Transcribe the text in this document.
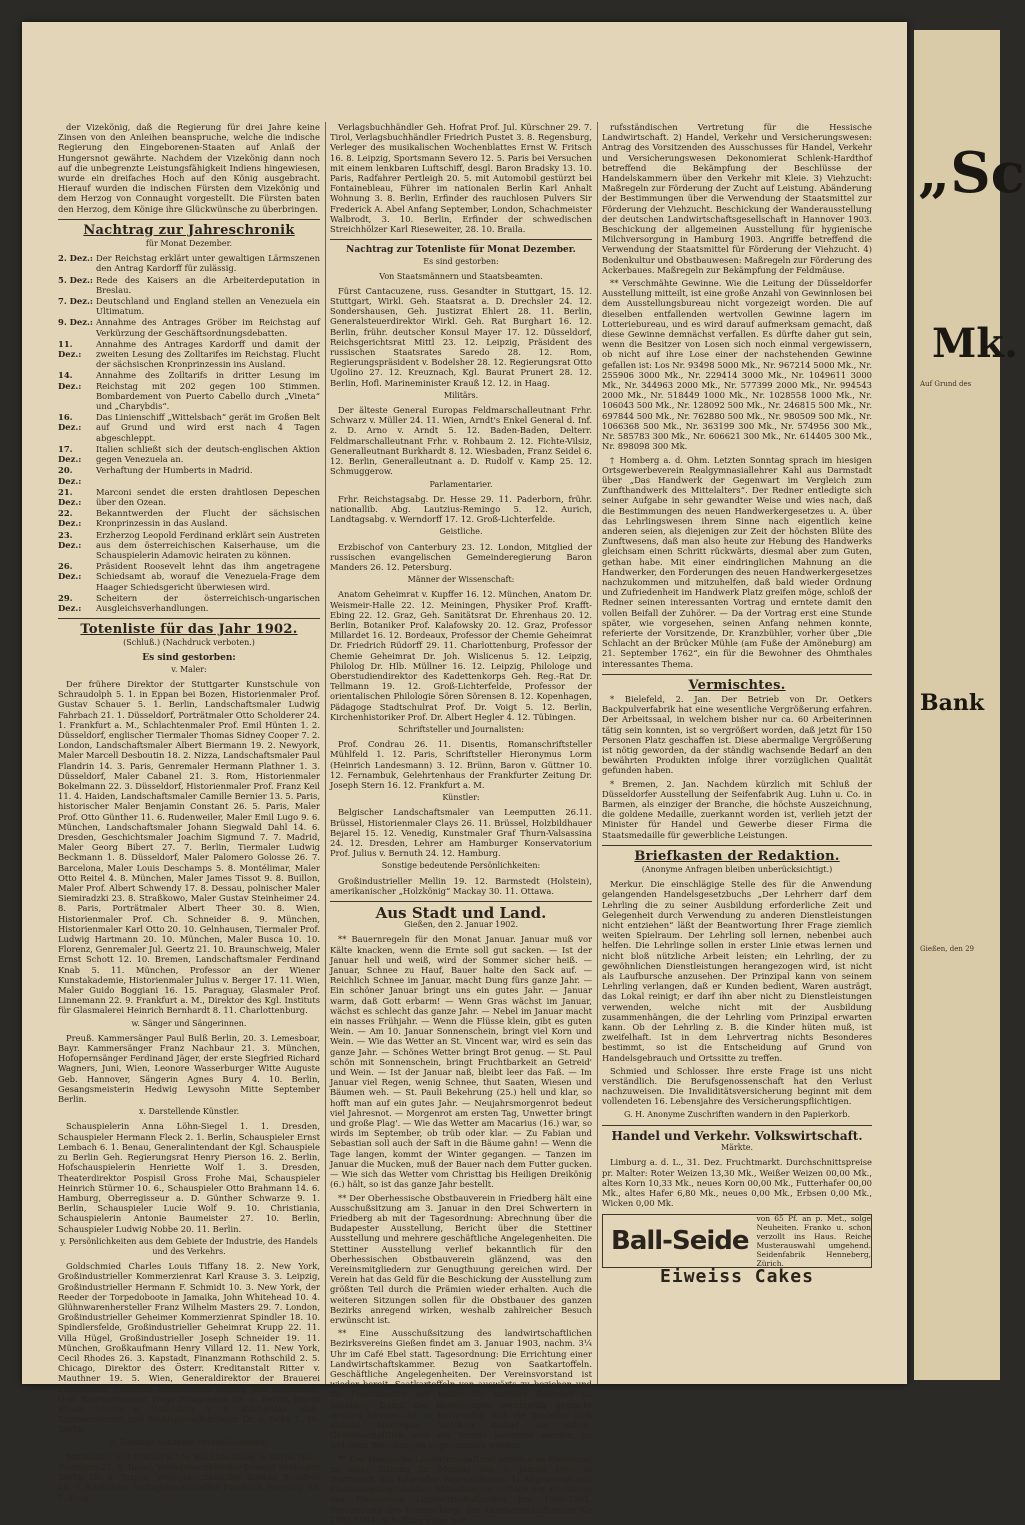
der Vizekönig, daß die Regierung für drei Jahre keine Zinsen von den Anleihen beanspruche, welche die indische Regierung den Eingeborenen-Staaten auf Anlaß der Hungersnot gewährte. Nachdem der Vizekönig dann noch auf die unbegrenzte Leistungsfähigkeit Indiens hingewiesen, wurde ein dreifaches Hoch auf den König ausgebracht. Hierauf wurden die indischen Fürsten dem Vizekönig und dem Herzog von Connaught vorgestellt. Die Fürsten baten den Herzog, dem Könige ihre Glückwünsche zu überbringen.

Nachtrag zur Jahreschronik
für Monat Dezember.
2. Dez.: Der Reichstag erklärt unter gewaltigen Lärmszenen den Antrag Kardorff für zulässig.
5. Dez.: Rede des Kaisers an die Arbeiterdeputation in Breslau.
7. Dez.: Deutschland und England stellen an Venezuela ein Ultimatum.
9. Dez.: Annahme des Antrages Gröber im Reichstag auf Verkürzung der Geschäftsordnungsdebatten.
11. Dez.:
Annahme des Antrages Kardorff und damit der zweiten Lesung des Zolltarifes im Reichstag. Flucht der sächsischen Kronprinzessin ins Ausland.
14. Dez.:
Annahme des Zolltarifs in dritter Lesung im Reichstag mit 202 gegen 100 Stimmen. Bombardement von Puerto Cabello durch „Vineta“ und „Charybdis“.
16. Dez.:
Das Linienschiff „Wittelsbach“ gerät im Großen Belt auf Grund und wird erst nach 4 Tagen abgeschleppt.
17. Dez.:
Italien schließt sich der deutsch-englischen Aktion gegen Venezuela an.
20. Dez.:
Verhaftung der Humberts in Madrid.
21. Dez.:
Marconi sendet die ersten drahtlosen Depeschen über den Ozean.
22. Dez.:
Bekanntwerden der Flucht der sächsischen Kronprinzessin in das Ausland.
23. Dez.:
Erzherzog Leopold Ferdinand erklärt sein Austreten aus dem österreichischen Kaiserhause, um die Schauspielerin Adamovic heiraten zu können.
26. Dez.:
Präsident Roosevelt lehnt das ihm angetragene Schiedsamt ab, worauf die Venezuela-Frage dem Haager Schiedsgericht überwiesen wird.
29. Dez.:
Scheitern der österreichisch-ungarischen Ausgleichsverhandlungen.
Totenliste für das Jahr 1902.
(Schluß.) (Nachdruck verboten.)
Es sind gestorben:
v. Maler:

Der frühere Direktor der Stuttgarter Kunstschule von Schraudolph 5. 1. in Eppan bei Bozen, Historienmaler Prof. Gustav Schauer 5. 1. Berlin, Landschaftsmaler Ludwig Fahrbach 21. 1. Düsseldorf, Porträtmaler Otto Scholderer 24. 1. Frankfurt a. M., Schlachtenmaler Prof. Emil Hünten 1. 2. Düsseldorf, englischer Tiermaler Thomas Sidney Cooper 7. 2. London, Landschaftsmaler Albert Biermann 19. 2. Newyork, Maler Marcell Desboutin 18. 2. Nizza, Landschaftsmaler Paul Flandrin 14. 3. Paris, Genremaler Hermann Plathner 1. 3. Düsseldorf, Maler Cabanel 21. 3. Rom, Historienmaler Bokelmann 22. 3. Düsseldorf, Historienmaler Prof. Franz Keil 11. 4. Haiden, Landschaftsmaler Camille Bernier 13. 5. Paris, historischer Maler Benjamin Constant 26. 5. Paris, Maler Prof. Otto Günther 11. 6. Rudenweiler, Maler Emil Lugo 9. 6. München, Landschaftsmaler Johann Siegwald Dahl 14. 6. Dresden, Geschichtsmaler Joachim Sigmund 7. 7. Madrid, Maler Georg Bibert 27. 7. Berlin, Tiermaler Ludwig Beckmann 1. 8. Düsseldorf, Maler Palomero Golosse 26. 7. Barcelona, Maler Louis Deschamps 5. 8. Montélimar, Maler Otto Reitel 4. 8. München, Maler James Tissot 9. 8. Buillon, Maler Prof. Albert Schwendy 17. 8. Dessau, polnischer Maler Siemiradzki 23. 8. Straßkowo, Maler Gustav Steinheimer 24. 8. Paris, Porträtmaler Albert Theer 30. 8. Wien, Historienmaler Prof. Ch. Schneider 8. 9. München, Historienmaler Karl Otto 20. 10. Gelnhausen, Tiermaler Prof. Ludwig Hartmann 20. 10. München, Maler Busca 10. 10. Florenz, Genremaler Jul. Geertz 21. 10. Braunschweig, Maler Ernst Schott 12. 10. Bremen, Landschaftsmaler Ferdinand Knab 5. 11. München, Professor an der Wiener Kunstakademie, Historienmaler Julius v. Berger 17. 11. Wien, Maler Guido Boggiani 16. 15. Paraguay, Glasmaler Prof. Linnemann 22. 9. Frankfurt a. M., Direktor des Kgl. Instituts für Glasmalerei Heinrich Bernhardt 8. 11. Charlottenburg.

w. Sänger und Sängerinnen.

Preuß. Kammersänger Paul Bulß Berlin, 20. 3. Lemesboar, Bayr. Kammersänger Franz Nachbaur 21. 3. München, Hofopernsänger Ferdinand Jäger, der erste Siegfried Richard Wagners, Juni, Wien, Leonore Wasserburger Witte Auguste Geb. Hannover, Sängerin Agnes Bury 4. 10. Berlin, Gesangsmeisterin Hedwig Lewysohn Mitte September Berlin.

x. Darstellende Künstler.

Schauspielerin Anna Löhn-Siegel 1. 1. Dresden, Schauspieler Hermann Fleck 2. 1. Berlin, Schauspieler Ernst Lembach 6. 1. Benau, Generalintendant der Kgl. Schauspiele zu Berlin Geh. Regierungsrat Henry Pierson 16. 2. Berlin, Hofschauspielerin Henriette Wolf 1. 3. Dresden, Theaterdirektor Pospisil Gross Frohe Mai, Schauspieler Heinrich Stürmer 10. 6., Schauspieler Otto Brahmann 14. 6. Hamburg, Oberregisseur a. D. Günther Schwarze 9. 1. Berlin, Schauspieler Lucie Wolf 9. 10. Christiania, Schauspielerin Antonie Baumeister 27. 10. Berlin, Schauspieler Ludwig Nobbe 20. 11. Berlin.

y. Persönlichkeiten aus dem Gebiete der Industrie, des Handels und des Verkehrs.

Goldschmied Charles Louis Tiffany 18. 2. New York, Großindustrieller Kommerzienrat Karl Krause 3. 3. Leipzig, Großindustrieller Hermann F. Schmidt 10. 3. New York, der Reeder der Torpedoboote in Jamaika, John Whitehead 10. 4. Glühnwarenhersteller Franz Wilhelm Masters 29. 7. London, Großindustrieller Geheimer Kommerzienrat Spindler 18. 10. Spindlersfelde, Großindustrieller Geheimrat Krupp 22. 11. Villa Hügel, Großindustrieller Joseph Schneider 19. 11. München, Großkaufmann Henry Villard 12. 11. New York, Cecil Rhodes 26. 3. Kapstadt, Finanzmann Rothschild 2. 5. Chicago, Direktor des Österr. Kreditanstalt Ritter v. Mauthner 19. 5. Wien, Generaldirektor der Brauerei Patzenhofer Friedrich Goldschmidt Anfang Juni Mannheim, Geh. Kommerzienrat Hugo Pringsheim 29. 6. Berlin, Baron Simon Moritz v. Bethmann 3. 9. Königstein, Geh. Kommerzienrat und Stahlspezialfabrikant Dr. v. Ochs 1. 10. Berlin.

z. Sonstige bekannte Persönlichkeiten.

Mitinhaber der Nikolai'schen Buchhandlung in Berlin Hans Reimarus 27. 6. Basel, Verlagsbuchhändler Oswald Seehagen Berlin 28. 6. Taraso, Verlagsbuchhändler Konrad Bielefeld 28. 7. Karlsruhe, Verlagsbuchhändler Friedrich Tempsky 23. 7. Prag.

Verlagsbuchhändler Geh. Hofrat Prof. Jul. Kürschner 29. 7. Tirol, Verlagsbuchhändler Friedrich Pustet 3. 8. Regensburg, Verleger des musikalischen Wochenblattes Ernst W. Fritsch 16. 8. Leipzig, Sportsmann Severo 12. 5. Paris bei Versuchen mit einem lenkbaren Luftschiff, desgl. Baron Bradsky 13. 10. Paris, Radfahrer Pertleigh 20. 5. mit Automobil gestürzt bei Fontainebleau, Führer im nationalen Berlin Karl Anhalt Wohnung 3. 8. Berlin, Erfinder des rauchlosen Pulvers Sir Frederick A. Abel Anfang September, London, Schachmeister Walbrodt, 3. 10. Berlin, Erfinder der schwedischen Streichhölzer Karl Rieseweiter, 28. 10. Braila.

Nachtrag zur Totenliste für Monat Dezember.
Es sind gestorben:
Von Staatsmännern und Staatsbeamten.

Fürst Cantacuzene, russ. Gesandter in Stuttgart, 15. 12. Stuttgart, Wirkl. Geh. Staatsrat a. D. Drechsler 24. 12. Sondershausen, Geh. Justizrat Ehlert 28. 11. Berlin, Generalsteuerdirektor Wirkl. Geh. Rat Burghart 16. 12. Berlin, frühr. deutscher Konsul Mayer 17. 12. Düsseldorf, Reichsgerichtsrat Mittl 23. 12. Leipzig, Präsident des russischen Staatsrates Saredo 28. 12. Rom, Regierungspräsident v. Bodelsher 28. 12. Regierungsrat Otto Ugolino 27. 12. Kreuznach, Kgl. Baurat Prunert 28. 12. Berlin, Hofl. Marineminister Krauß 12. 12. in Haag.

Militärs.

Der älteste General Europas Feldmarschalleutnant Frhr. Schwarz v. Müller 24. 11. Wien, Arndt's Enkel General d. Inf. z. D. Arno v. Arndt 5. 12. Baden-Baden, Delterr. Feldmarschalleutnant Frhr. v. Rohbaum 2. 12. Fichte-Vilsiz, Generalleutnant Burkhardt 8. 12. Wiesbaden, Franz Seidel 6. 12. Berlin, Generalleutnant a. D. Rudolf v. Kamp 25. 12. Schmuggerow.

Parlamentarier.

Frhr. Reichstagsabg. Dr. Hesse 29. 11. Paderborn, frühr. nationallib. Abg. Lautzius-Remingo 5. 12. Aurich, Landtagsabg. v. Werndorff 17. 12. Groß-Lichterfelde.

Geistliche.

Erzbischof von Canterbury 23. 12. London, Mitglied der russischen evangelischen Gemeinderegierung Baron Manders 26. 12. Petersburg.

Männer der Wissenschaft:

Anatom Geheimrat v. Kupffer 16. 12. München, Anatom Dr. Weismeir-Halle 22. 12. Meiningen, Physiker Prof. Krafft-Ebing 22. 12. Graz, Geh. Sanitätsrat Dr. Ehrenhaus 20. 12. Berlin, Botaniker Prof. Kalafowsky 20. 12. Graz, Professor Millardet 16. 12. Bordeaux, Professor der Chemie Geheimrat Dr. Friedrich Rüdorff 29. 11. Charlottenburg, Professor der Chemie Geheimrat Dr. Joh. Wislicenus 5. 12. Leipzig, Philolog Dr. Hlb. Müllner 16. 12. Leipzig, Philologe und Oberstudiendirektor des Kadettenkorps Geh. Reg.-Rat Dr. Tellmann 19. 12. Groß-Lichterfelde, Professor der orientalischen Philologie Sören Sörensen 8. 12. Kopenhagen, Pädagoge Stadtschulrat Prof. Dr. Voigt 5. 12. Berlin, Kirchenhistoriker Prof. Dr. Albert Hegler 4. 12. Tübingen.

Schriftsteller und Journalisten:

Prof. Condrau 26. 11. Disentis, Romanschriftsteller Mühlfeld 1. 12. Paris, Schriftsteller Hieronymus Lorm (Heinrich Landesmann) 3. 12. Brünn, Baron v. Güttner 10. 12. Fernambuk, Gelehrtenhaus der Frankfurter Zeitung Dr. Joseph Stern 16. 12. Frankfurt a. M.

Künstler:

Belgischer Landschaftsmaler van Leemputten 26.11. Brüssel, Historienmaler Clays 26. 11. Brüssel, Holzbildhauer Bejarel 15. 12. Venedig, Kunstmaler Graf Thurn-Valsassina 24. 12. Dresden, Lehrer am Hamburger Konservatorium Prof. Julius v. Bernuth 24. 12. Hamburg.

Sonstige bedeutende Persönlichkeiten:

Großindustrieller Mellin 19. 12. Barmstedt (Holstein), amerikanischer „Holzkönig“ Mackay 30. 11. Ottawa.

Aus Stadt und Land.
Gießen, den 2. Januar 1902.

** Bauernregeln für den Monat Januar. Januar muß vor Kälte knacken, wenn die Ernte soll gut sacken. — Ist der Januar hell und weiß, wird der Sommer sicher heiß. — Januar, Schnee zu Hauf, Bauer halte den Sack auf. — Reichlich Schnee im Januar, macht Dung fürs ganze Jahr. — Ein schöner Januar bringt uns ein gutes Jahr. — Januar warm, daß Gott erbarm! — Wenn Gras wächst im Januar, wächst es schlecht das ganze Jahr. — Nebel im Januar macht ein nasses Frühjahr. — Wenn die Flüsse klein, gibt es guten Wein. — Am 10. Januar Sonnenschein, bringt viel Korn und Wein. — Wie das Wetter an St. Vincent war, wird es sein das ganze Jahr. — Schönes Wetter bringt Brot genug. — St. Paul schön mit Sonnenschein, bringt Fruchtbarkeit an Getreid' und Wein. — Ist der Januar naß, bleibt leer das Faß. — Im Januar viel Regen, wenig Schnee, thut Saaten, Wiesen und Bäumen weh. — St. Pauli Bekehrung (25.) hell und klar, so hofft man auf ein gutes Jahr. — Neujahrsmorgenrot bedeut viel Jahresnot. — Morgenrot am ersten Tag, Unwetter bringt und große Plag'. — Wie das Wetter am Macarius (16.) war, so wirds im September, ob trüb oder klar. — Zu Fabian und Sebastian soll auch der Saft in die Bäume gahn! — Wenn die Tage langen, kommt der Winter gegangen. — Tanzen im Januar die Mucken, muß der Bauer nach dem Futter gucken. — Wie sich das Wetter vom Christtag bis Heiligen Dreikönig (6.) hält, so ist das ganze Jahr bestellt.

** Der Oberhessische Obstbauverein in Friedberg hält eine Ausschußsitzung am 3. Januar in den Drei Schwertern in Friedberg ab mit der Tagesordnung: Abrechnung über die Budapester Ausstellung, Bericht über die Stettiner Ausstellung und mehrere geschäftliche Angelegenheiten. Die Stettiner Ausstellung verlief bekanntlich für den Oberhessischen Obstbauverein glänzend, was den Vereinsmitgliedern zur Genugthuung gereichen wird. Der Verein hat das Geld für die Beschickung der Ausstellung zum größten Teil durch die Prämien wieder erhalten. Auch die weiteren Sitzungen sollen für die Obstbauer des ganzen Bezirks anregend wirken, weshalb zahlreicher Besuch erwünscht ist.

** Eine Ausschußsitzung des landwirtschaftlichen Bezirksvereins Gießen findet am 3. Januar 1903, nachm. 3¼ Uhr im Café Ebel statt. Tagesordnung: Die Errichtung einer Landwirtschaftskammer. Bezug von Saatkartoffeln. Geschäftliche Angelegenheiten. Der Vereinsvorstand ist wieder bereit, Saatkartoffeln von auswärts zu beziehen und die Frachtkosten wie bisher für kleinere Besteller zu bezahlen. Damit die Bestellungen rechtzeitig gemacht werden können, ist es notwendig, daß die Besteller sich alsbald überlegen, welchen Bedarf sie haben. Gemeinschaftlich wird ein Termin bestimmt werden, zu welchem Bestellungen angenommen werden.

** Der Hessische Landwirtschaftsrat erließ eine Einladung zu einer Sitzung für Montag den 5. Januar 1903 in Darmstadt mit folgender Tagesordnung: 1) Allgemeine und Finanzangelegenheiten: Mitteilungen. Vorlage der Rechnung des Hessischen Landwirtschaftsrates pro 1900-1901. Feststellung des Voranschlags des Landwirtschaftsrates für 1903-1904. Schaffung einer bez

rufsständischen Vertretung für die Hessische Landwirtschaft. 2) Handel, Verkehr und Versicherungswesen: Antrag des Vorsitzenden des Ausschusses für Handel, Verkehr und Versicherungswesen Dekonomierat Schlenk-Hardthof betreffend die Bekämpfung der Beschlüsse der Handelskammern über den Verkehr mit Kleie. 3) Viehzucht: Maßregeln zur Förderung der Zucht auf Leistung. Abänderung der Bestimmungen über die Verwendung der Staatsmittel zur Förderung der Viehzucht. Beschickung der Wanderausstellung der deutschen Landwirtschaftsgesellschaft in Hannover 1903. Beschickung der allgemeinen Ausstellung für hygienische Milchversorgung in Hamburg 1903. Angriffe betreffend die Verwendung der Staatsmittel für Förderung der Viehzucht. 4) Bodenkultur und Obstbauwesen: Maßregeln zur Förderung des Ackerbaues. Maßregeln zur Bekämpfung der Feldmäuse.

** Verschmähte Gewinne. Wie die Leitung der Düsseldorfer Ausstellung mitteilt, ist eine große Anzahl von Gewinnlosen bei dem Ausstellungsbureau nicht vorgezeigt worden. Die auf dieselben entfallenden wertvollen Gewinne lagern im Lotteriebureau, und es wird darauf aufmerksam gemacht, daß diese Gewinne demnächst verfallen. Es dürfte daher gut sein, wenn die Besitzer von Losen sich noch einmal vergewissern, ob nicht auf ihre Lose einer der nachstehenden Gewinne gefallen ist: Los Nr. 93498 5000 Mk., Nr. 967214 5000 Mk., Nr. 255906 3000 Mk., Nr. 229414 3000 Mk., Nr. 1049611 3000 Mk., Nr. 344963 2000 Mk., Nr. 577399 2000 Mk., Nr. 994543 2000 Mk., Nr. 518449 1000 Mk., Nr. 1028558 1000 Mk., Nr. 106043 500 Mk., Nr. 128092 500 Mk., Nr. 246815 500 Mk., Nr. 697844 500 Mk., Nr. 762880 500 Mk., Nr. 980509 500 Mk., Nr. 1066368 500 Mk., Nr. 363199 300 Mk., Nr. 574956 300 Mk., Nr. 585783 300 Mk., Nr. 606621 300 Mk., Nr. 614405 300 Mk., Nr. 898098 300 Mk.

† Homberg a. d. Ohm. Letzten Sonntag sprach im hiesigen Ortsgewerbeverein Realgymnasiallehrer Kahl aus Darmstadt über „Das Handwerk der Gegenwart im Vergleich zum Zunfthandwerk des Mittelalters“. Der Redner entledigte sich seiner Aufgabe in sehr gewandter Weise und wies nach, daß die Bestimmungen des neuen Handwerkergesetzes u. A. über das Lehrlingswesen ihrem Sinne nach eigentlich keine anderen seien, als diejenigen zur Zeit der höchsten Blüte des Zunftwesens, daß man also heute zur Hebung des Handwerks gleichsam einen Schritt rückwärts, diesmal aber zum Guten, gethan habe. Mit einer eindringlichen Mahnung an die Handwerker, den Forderungen des neuen Handwerkergesetzes nachzukommen und mitzuhelfen, daß bald wieder Ordnung und Zufriedenheit im Handwerk Platz greifen möge, schloß der Redner seinen interessanten Vortrag und erntete damit den vollen Beifall der Zuhörer. — Da der Vortrag erst eine Stunde später, wie vorgesehen, seinen Anfang nehmen konnte, referierte der Vorsitzende, Dr. Kranzbühler, vorher über „Die Schlacht an der Brücker Mühle (am Fuße der Amöneburg) am 21. September 1762“, ein für die Bewohner des Ohmthales interessantes Thema.

Vermischtes.

* Bielefeld, 2. Jan. Der Betrieb von Dr. Oetkers Backpulverfabrik hat eine wesentliche Vergrößerung erfahren. Der Arbeitssaal, in welchem bisher nur ca. 60 Arbeiterinnen tätig sein konnten, ist so vergrößert worden, daß jetzt für 150 Personen Platz geschaffen ist. Diese abermalige Vergrößerung ist nötig geworden, da der ständig wachsende Bedarf an den bewährten Produkten infolge ihrer vorzüglichen Qualität gefunden haben.

* Bremen, 2. Jan. Nachdem kürzlich mit Schluß der Düsseldorfer Ausstellung der Seifenfabrik Aug. Luhn u. Co. in Barmen, als einziger der Branche, die höchste Auszeichnung, die goldene Medaille, zuerkannt worden ist, verlieh jetzt der Minister für Handel und Gewerbe dieser Firma die Staatsmedaille für gewerbliche Leistungen.

Briefkasten der Redaktion.
(Anonyme Anfragen bleiben unberücksichtigt.)

Merkur. Die einschlägige Stelle des für die Anwendung gelangenden Handelsgesetzbuchs „Der Lehrherr darf dem Lehrling die zu seiner Ausbildung erforderliche Zeit und Gelegenheit durch Verwendung zu anderen Dienstleistungen nicht entziehen“ läßt der Beantwortung Ihrer Frage ziemlich weiten Spielraum. Der Lehrling soll lernen, nebenbei auch helfen. Die Lehrlinge sollen in erster Linie etwas lernen und nicht bloß nützliche Arbeit leisten; ein Lehrling, der zu gewöhnlichen Dienstleistungen herangezogen wird, ist nicht als Laufbursche anzusehen. Der Prinzipal kann von seinem Lehrling verlangen, daß er Kunden bedient, Waren austrägt, das Lokal reinigt; er darf ihn aber nicht zu Dienstleistungen verwenden, welche nicht mit der Ausbildung zusammenhängen, die der Lehrling vom Prinzipal erwarten kann. Ob der Lehrling z. B. die Kinder hüten muß, ist zweifelhaft. Ist in dem Lehrvertrag nichts Besonderes bestimmt, so ist die Entscheidung auf Grund von Handelsgebrauch und Ortssitte zu treffen.

Schmied und Schlosser. Ihre erste Frage ist uns nicht verständlich. Die Berufsgenossenschaft hat den Verlust nachzuweisen. Die Invaliditätsversicherung beginnt mit dem vollendeten 16. Lebensjahre des Versicherungspflichtigen.

G. H. Anonyme Zuschriften wandern in den Papierkorb.
Handel und Verkehr. Volkswirtschaft.
Märkte.

Limburg a. d. L., 31. Dez. Fruchtmarkt. Durchschnittspreise pr. Malter: Roter Weizen 13,30 Mk., Weißer Weizen 00,00 Mk., altes Korn 10,33 Mk., neues Korn 00,00 Mk., Futterhafer 00,00 Mk., altes Hafer 6,80 Mk., neues 0,00 Mk., Erbsen 0,00 Mk., Wicken 0,00 Mk.

Ball-Seide
von 65 Pf. an p. Met., solge Neuheiten. Franko u. schon verzollt ins Haus. Reiche Musterauswahl umgehend. Seidenfabrik Henneberg, Zürich.
Eiweiss Cakes
„Sc
Mk.
Auf Grund des
Bank
Gießen, den 29
